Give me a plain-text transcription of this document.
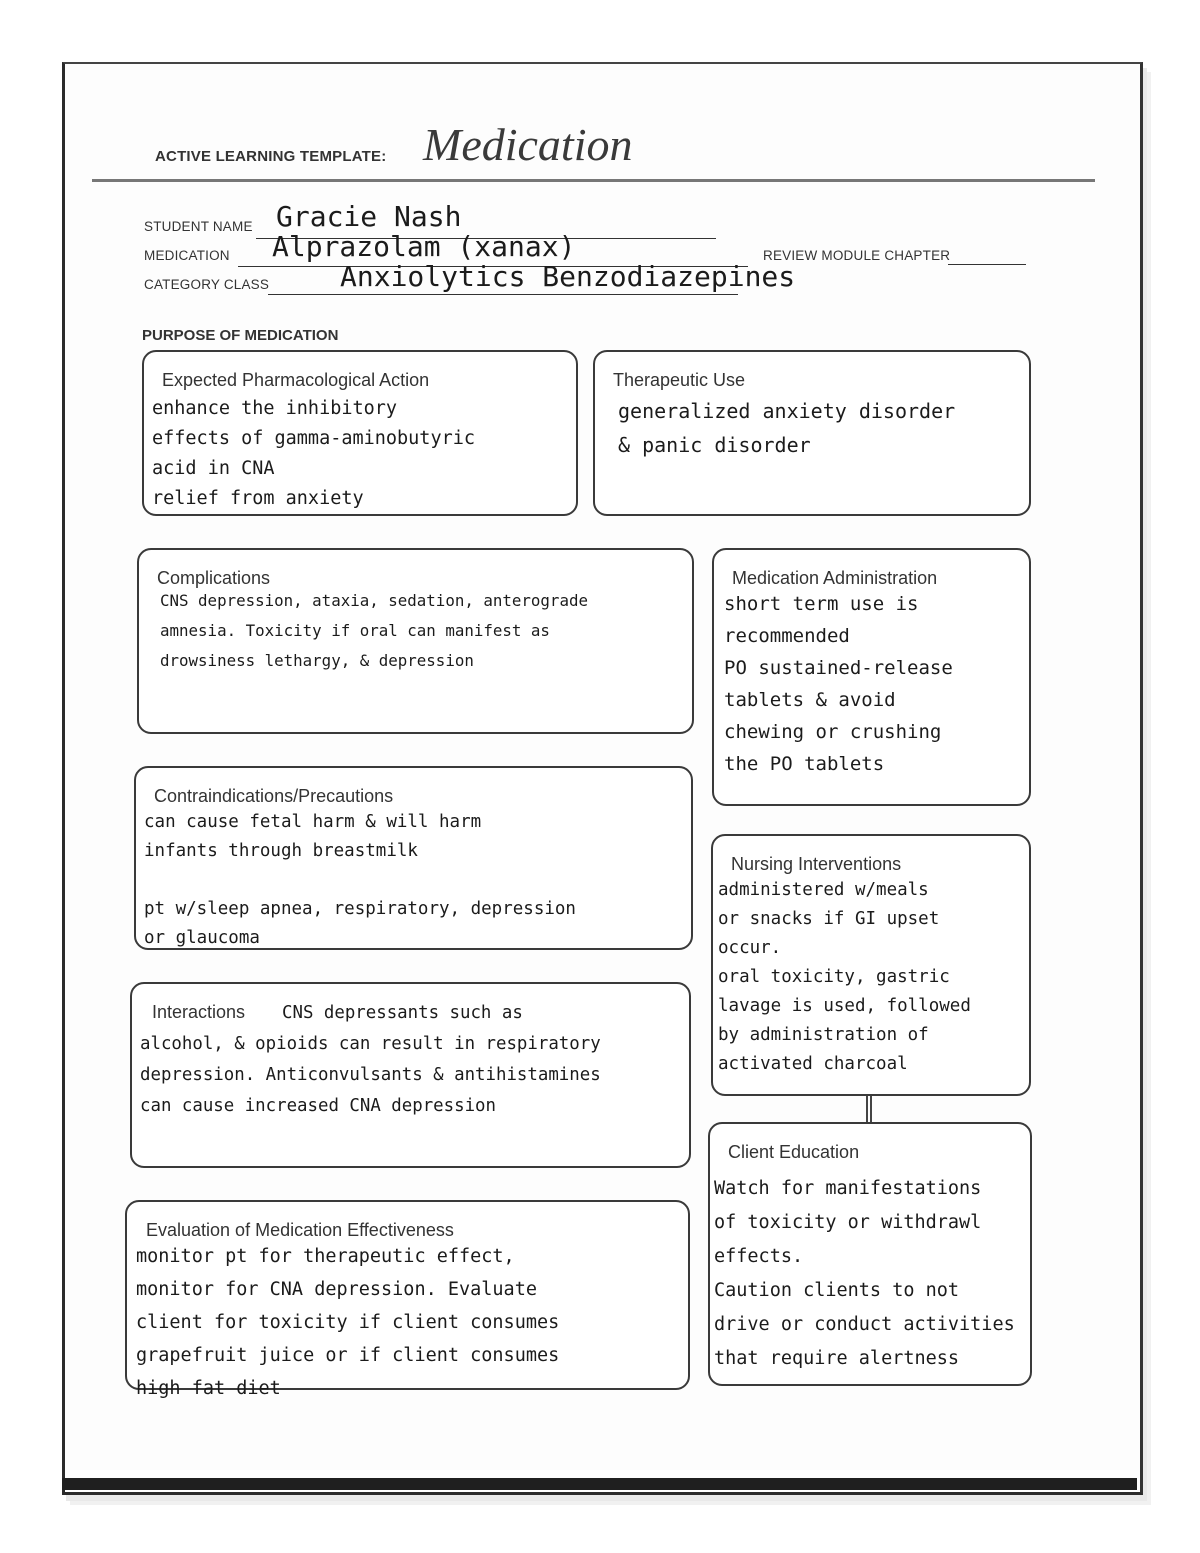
ACTIVE LEARNING TEMPLATE: Medication
STUDENT NAME Gracie Nash
MEDICATION Alprazolam (xanax)	REVIEW MODULE CHAPTER
CATEGORY CLASS	Anxiolytics Benzodiazepines
PURPOSE OF MEDICATION
Expected Pharmacological Action
enhance the inhibitory
effects of gamma-aminobutyric
acid in CNA
relief from anxiety
Therapeutic Use
generalized anxiety disorder
& panic disorder
Complications
CNS depression, ataxia, sedation, anterograde
amnesia. Toxicity if oral can manifest as
drowsiness lethargy, & depression
Medication Administration
short term use is
recommended
PO sustained-release
tablets & avoid
chewing or crushing
the PO tablets
Contraindications/Precautions
can cause fetal harm & will harm
infants through breastmilk

pt w/sleep apnea, respiratory, depression
or glaucoma
Nursing Interventions
administered w/meals
or snacks if GI upset
occur.
oral toxicity, gastric
lavage is used, followed
by administration of
activated charcoal
Interactions	CNS depressants such as
alcohol, & opioids can result in respiratory
depression. Anticonvulsants & antihistamines
can cause increased CNA depression
Client Education
Watch for manifestations
of toxicity or withdrawl
effects.
Caution clients to not
drive or conduct activities
that require alertness
Evaluation of Medication Effectiveness
monitor pt for therapeutic effect,
monitor for CNA depression. Evaluate
client for toxicity if client consumes
grapefruit juice or if client consumes
high fat diet
